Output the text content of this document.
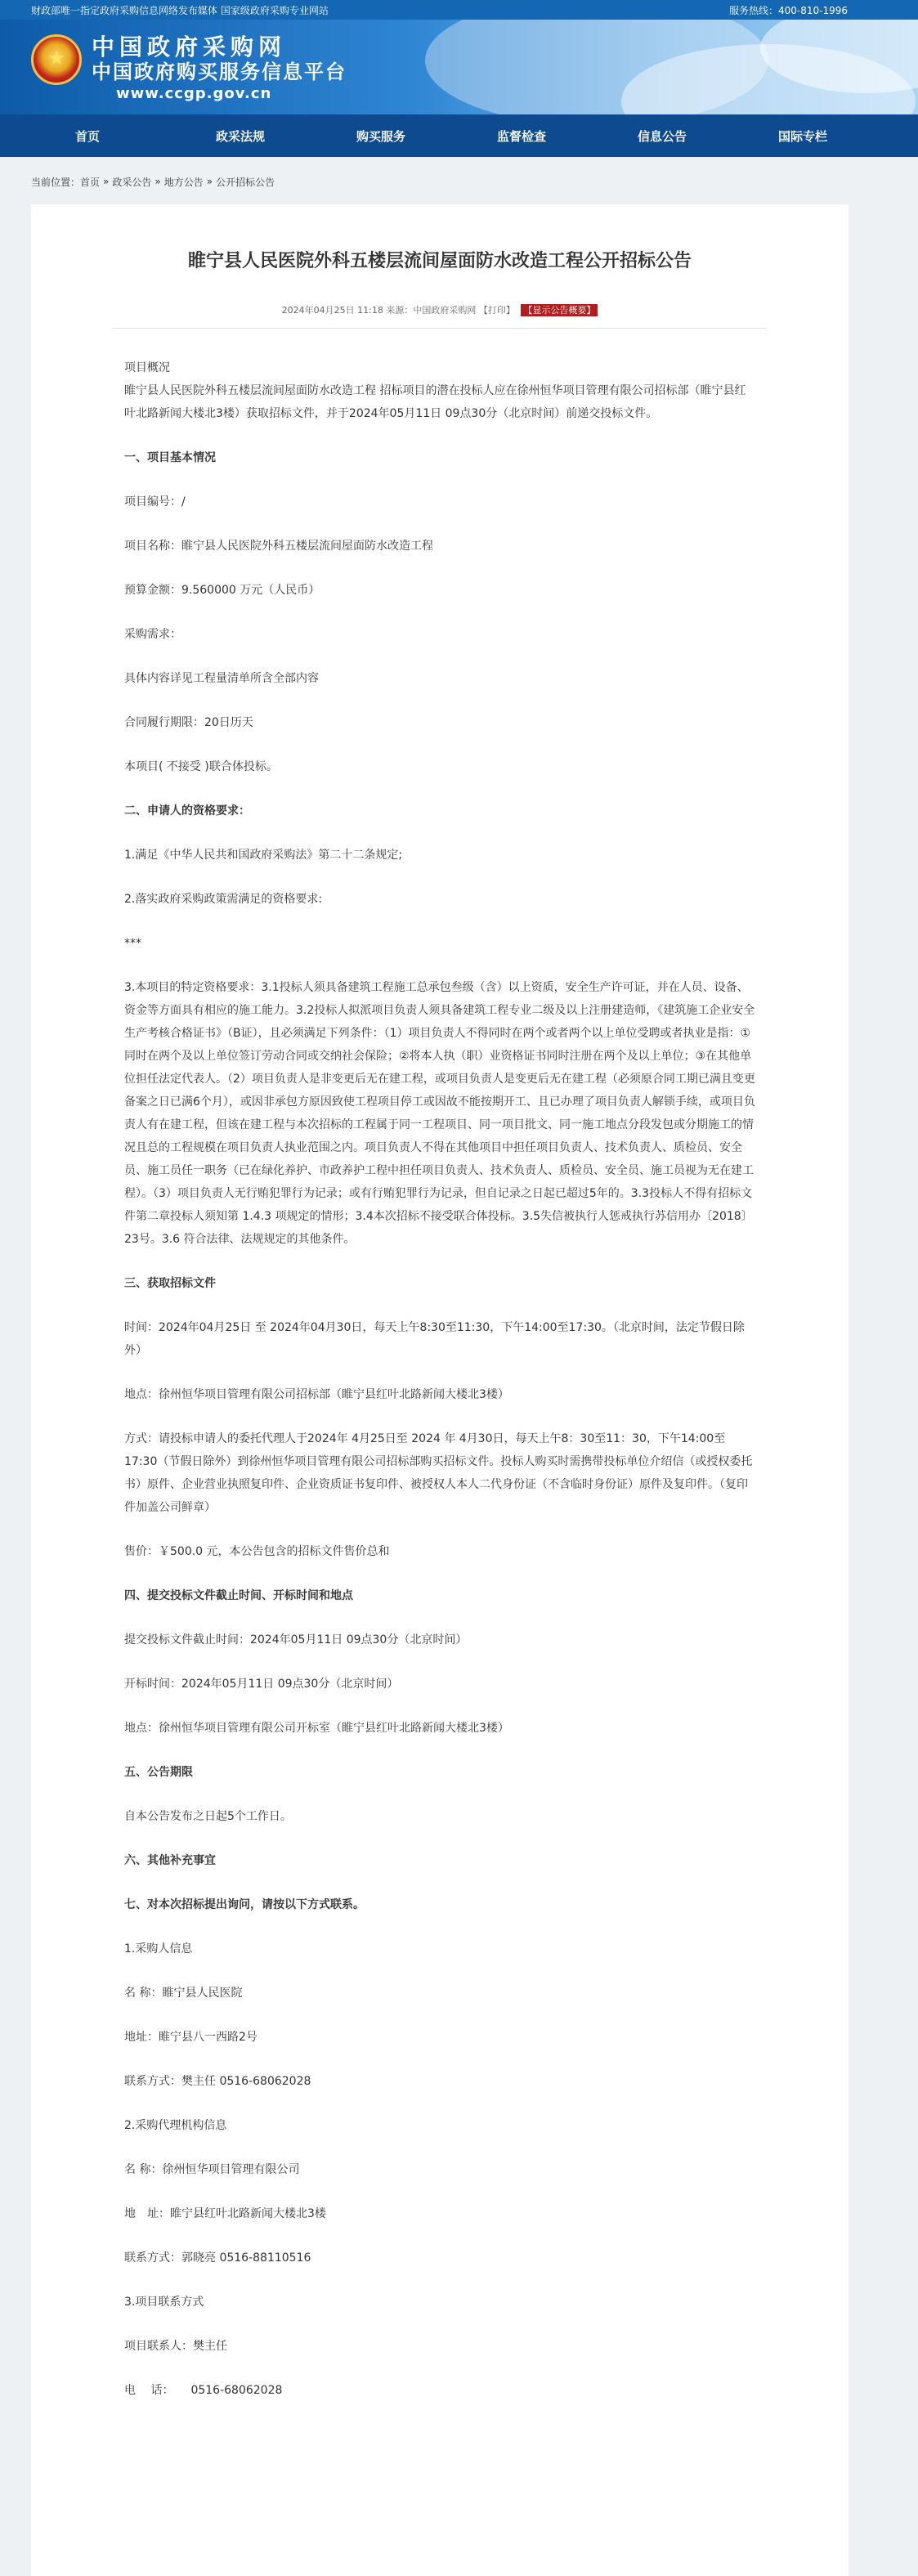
财政部唯一指定政府采购信息网络发布媒体 国家级政府采购专业网站	服务热线：400-810-1996
★
中国政府采购网
中国政府购买服务信息平台
www.ccgp.gov.cn
首页	政采法规	购买服务	监督检查	信息公告	国际专栏
当前位置： 首页 » 政采公告 » 地方公告 » 公开招标公告
睢宁县人民医院外科五楼层流间屋面防水改造工程公开招标公告
2024年04月25日 11:18 来源：中国政府采购网 【打印】 【显示公告概要】

项目概况

睢宁县人民医院外科五楼层流间屋面防水改造工程 招标项目的潜在投标人应在徐州恒华项目管理有限公司招标部（睢宁县红叶北路新闻大楼北3楼）获取招标文件，并于2024年05月11日 09点30分（北京时间）前递交投标文件。

一、项目基本情况

项目编号：/

项目名称：睢宁县人民医院外科五楼层流间屋面防水改造工程

预算金额：9.560000 万元（人民币）

采购需求：

具体内容详见工程量清单所含全部内容

合同履行期限：20日历天

本项目( 不接受 )联合体投标。

二、申请人的资格要求：

1.满足《中华人民共和国政府采购法》第二十二条规定;

2.落实政府采购政策需满足的资格要求:

***

3.本项目的特定资格要求：3.1投标人须具备建筑工程施工总承包叁级（含）以上资质，安全生产许可证，并在人员、设备、资金等方面具有相应的施工能力。3.2投标人拟派项目负责人须具备建筑工程专业二级及以上注册建造师，《建筑施工企业安全生产考核合格证书》（B证），且必须满足下列条件：（1）项目负责人不得同时在两个或者两个以上单位受聘或者执业是指：①同时在两个及以上单位签订劳动合同或交纳社会保险；②将本人执（职）业资格证书同时注册在两个及以上单位；③在其他单位担任法定代表人。（2）项目负责人是非变更后无在建工程，或项目负责人是变更后无在建工程（必须原合同工期已满且变更备案之日已满6个月），或因非承包方原因致使工程项目停工或因故不能按期开工、且已办理了项目负责人解锁手续，或项目负责人有在建工程，但该在建工程与本次招标的工程属于同一工程项目、同一项目批文、同一施工地点分段发包或分期施工的情况且总的工程规模在项目负责人执业范围之内。项目负责人不得在其他项目中担任项目负责人、技术负责人、质检员、安全员、施工员任一职务（已在绿化养护、市政养护工程中担任项目负责人、技术负责人、质检员、安全员、施工员视为无在建工程）。（3）项目负责人无行贿犯罪行为记录；或有行贿犯罪行为记录，但自记录之日起已超过5年的。3.3投标人不得有招标文件第二章投标人须知第 1.4.3 项规定的情形；3.4本次招标不接受联合体投标。3.5失信被执行人惩戒执行苏信用办〔2018〕23号。3.6 符合法律、法规规定的其他条件。

三、获取招标文件

时间：2024年04月25日 至 2024年04月30日，每天上午8:30至11:30，下午14:00至17:30。（北京时间，法定节假日除外）

地点：徐州恒华项目管理有限公司招标部（睢宁县红叶北路新闻大楼北3楼）

方式：请投标申请人的委托代理人于2024年 4月25日至 2024 年 4月30日，每天上午8：30至11：30，下午14:00至17:30（节假日除外）到徐州恒华项目管理有限公司招标部购买招标文件。投标人购买时需携带投标单位介绍信（或授权委托书）原件、企业营业执照复印件、企业资质证书复印件、被授权人本人二代身份证（不含临时身份证）原件及复印件。（复印件加盖公司鲜章）

售价：￥500.0 元，本公告包含的招标文件售价总和

四、提交投标文件截止时间、开标时间和地点

提交投标文件截止时间：2024年05月11日 09点30分（北京时间）

开标时间：2024年05月11日 09点30分（北京时间）

地点：徐州恒华项目管理有限公司开标室（睢宁县红叶北路新闻大楼北3楼）

五、公告期限

自本公告发布之日起5个工作日。

六、其他补充事宜

七、对本次招标提出询问，请按以下方式联系。

1.采购人信息

名 称：睢宁县人民医院

地址：睢宁县八一西路2号

联系方式：樊主任 0516-68062028

2.采购代理机构信息

名 称：徐州恒华项目管理有限公司

地　址：睢宁县红叶北路新闻大楼北3楼

联系方式：郭晓亮 0516-88110516

3.项目联系方式

项目联系人：樊主任

电　 话：　　0516-68062028
